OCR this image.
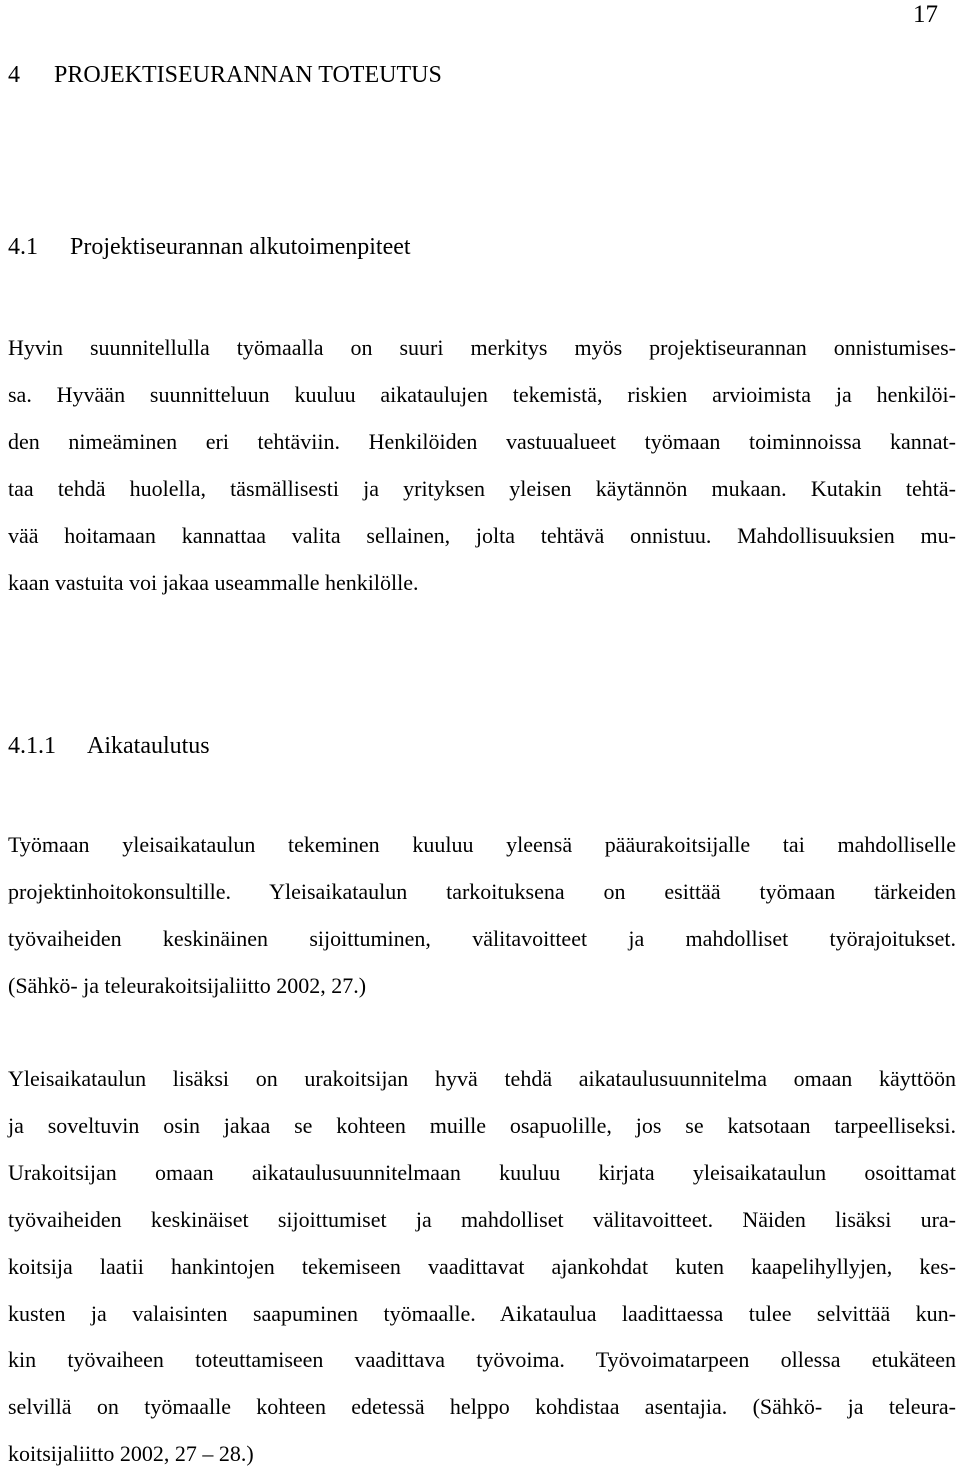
17
4 PROJEKTISEURANNAN TOTEUTUS
4.1 Projektiseurannan alkutoimenpiteet
Hyvin suunnitellulla työmaalla on suuri merkitys myös projektiseurannan onnistumises-
sa. Hyvään suunnitteluun kuuluu aikataulujen tekemistä, riskien arvioimista ja henkilöi-
den nimeäminen eri tehtäviin. Henkilöiden vastuualueet työmaan toiminnoissa kannat-
taa tehdä huolella, täsmällisesti ja yrityksen yleisen käytännön mukaan. Kutakin tehtä-
vää hoitamaan kannattaa valita sellainen, jolta tehtävä onnistuu. Mahdollisuuksien mu-
kaan vastuita voi jakaa useammalle henkilölle.
4.1.1 Aikataulutus
Työmaan yleisaikataulun tekeminen kuuluu yleensä pääurakoitsijalle tai mahdolliselle
projektinhoitokonsultille. Yleisaikataulun tarkoituksena on esittää työmaan tärkeiden
työvaiheiden keskinäinen sijoittuminen, välitavoitteet ja mahdolliset työrajoitukset.
(Sähkö- ja teleurakoitsijaliitto 2002, 27.)
Yleisaikataulun lisäksi on urakoitsijan hyvä tehdä aikataulusuunnitelma omaan käyttöön
ja soveltuvin osin jakaa se kohteen muille osapuolille, jos se katsotaan tarpeelliseksi.
Urakoitsijan omaan aikataulusuunnitelmaan kuuluu kirjata yleisaikataulun osoittamat
työvaiheiden keskinäiset sijoittumiset ja mahdolliset välitavoitteet. Näiden lisäksi ura-
koitsija laatii hankintojen tekemiseen vaadittavat ajankohdat kuten kaapelihyllyjen, kes-
kusten ja valaisinten saapuminen työmaalle. Aikataulua laadittaessa tulee selvittää kun-
kin työvaiheen toteuttamiseen vaadittava työvoima. Työvoimatarpeen ollessa etukäteen
selvillä on työmaalle kohteen edetessä helppo kohdistaa asentajia. (Sähkö- ja teleura-
koitsijaliitto 2002, 27 – 28.)
